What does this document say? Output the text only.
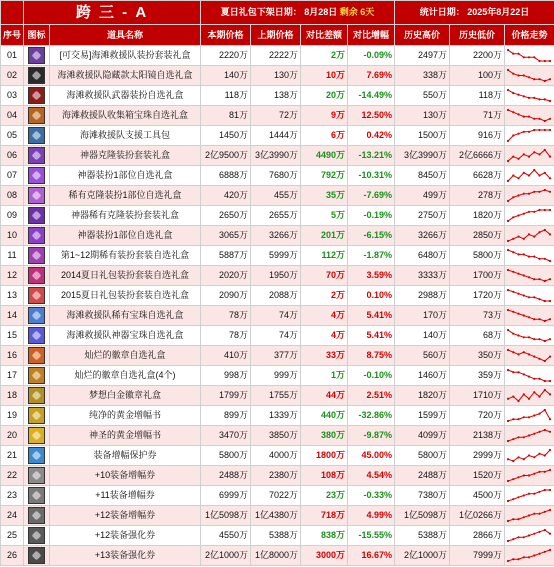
	跨 三 - A		夏日礼包下架日期： 8月28日 剩余 6天				统计日期： 2025年8月22日		
序号	图标	道具名称	本期价格	上期价格	对比差额	对比增幅	历史高价	历史低价	价格走势
01		[可交易]海滩救援队装扮套装礼盒	2220万	2222万	2万	-0.09%	2497万	2200万	

02		海滩救援队隐藏款太阳镜自选礼盒	140万	130万	10万	7.69%	338万	100万	

03		海滩救援队武器装扮自选礼盒	118万	138万	20万	-14.49%	550万	118万	

04		海滩救援队收集箱宝珠自选礼盒	81万	72万	9万	12.50%	130万	71万	

05		海滩救援队支援工具包	1450万	1444万	6万	0.42%	1500万	916万	

06		神器克隆装扮套装礼盒	2亿9500万	3亿3990万	4490万	-13.21%	3亿3990万	2亿6666万	

07		神器装扮1部位自选礼盒	6888万	7680万	792万	-10.31%	8450万	6628万	

08		稀有克隆装扮1部位自选礼盒	420万	455万	35万	-7.69%	499万	278万	

09		神器稀有克隆装扮套装礼盒	2650万	2655万	5万	-0.19%	2750万	1820万	

10		神器装扮1部位自选礼盒	3065万	3266万	201万	-6.15%	3266万	2850万	

11		第1~12期稀有装扮套装自选礼盒	5887万	5999万	112万	-1.87%	6480万	5800万	

12		2014夏日礼包装扮套装自选礼盒	2020万	1950万	70万	3.59%	3333万	1700万	

13		2015夏日礼包装扮套装自选礼盒	2090万	2088万	2万	0.10%	2988万	1720万	

14		海滩救援队稀有宝珠自选礼盒	78万	74万	4万	5.41%	170万	73万	

15		海滩救援队神器宝珠自选礼盒	78万	74万	4万	5.41%	140万	68万	

16		灿烂的徽章自选礼盒	410万	377万	33万	8.75%	560万	350万	

17		灿烂的徽章自选礼盒(4个)	998万	999万	1万	-0.10%	1460万	359万	

18		梦想白金徽章礼盒	1799万	1755万	44万	2.51%	1820万	1710万	

19		纯净的黄金增幅书	899万	1339万	440万	-32.86%	1599万	720万	

20		神圣的黄金增幅书	3470万	3850万	380万	-9.87%	4099万	2138万	

21		装备增幅保护券	5800万	4000万	1800万	45.00%	5800万	2999万	

22		+10装备增幅券	2488万	2380万	108万	4.54%	2488万	1520万	

23		+11装备增幅券	6999万	7022万	23万	-0.33%	7380万	4500万	

24		+12装备增幅券	1亿5098万	1亿4380万	718万	4.99%	1亿5098万	1亿0266万	

25		+12装备强化券	4550万	5388万	838万	-15.55%	5388万	2866万	

26		+13装备强化券	2亿1000万	1亿8000万	3000万	16.67%	2亿1000万	7999万	
